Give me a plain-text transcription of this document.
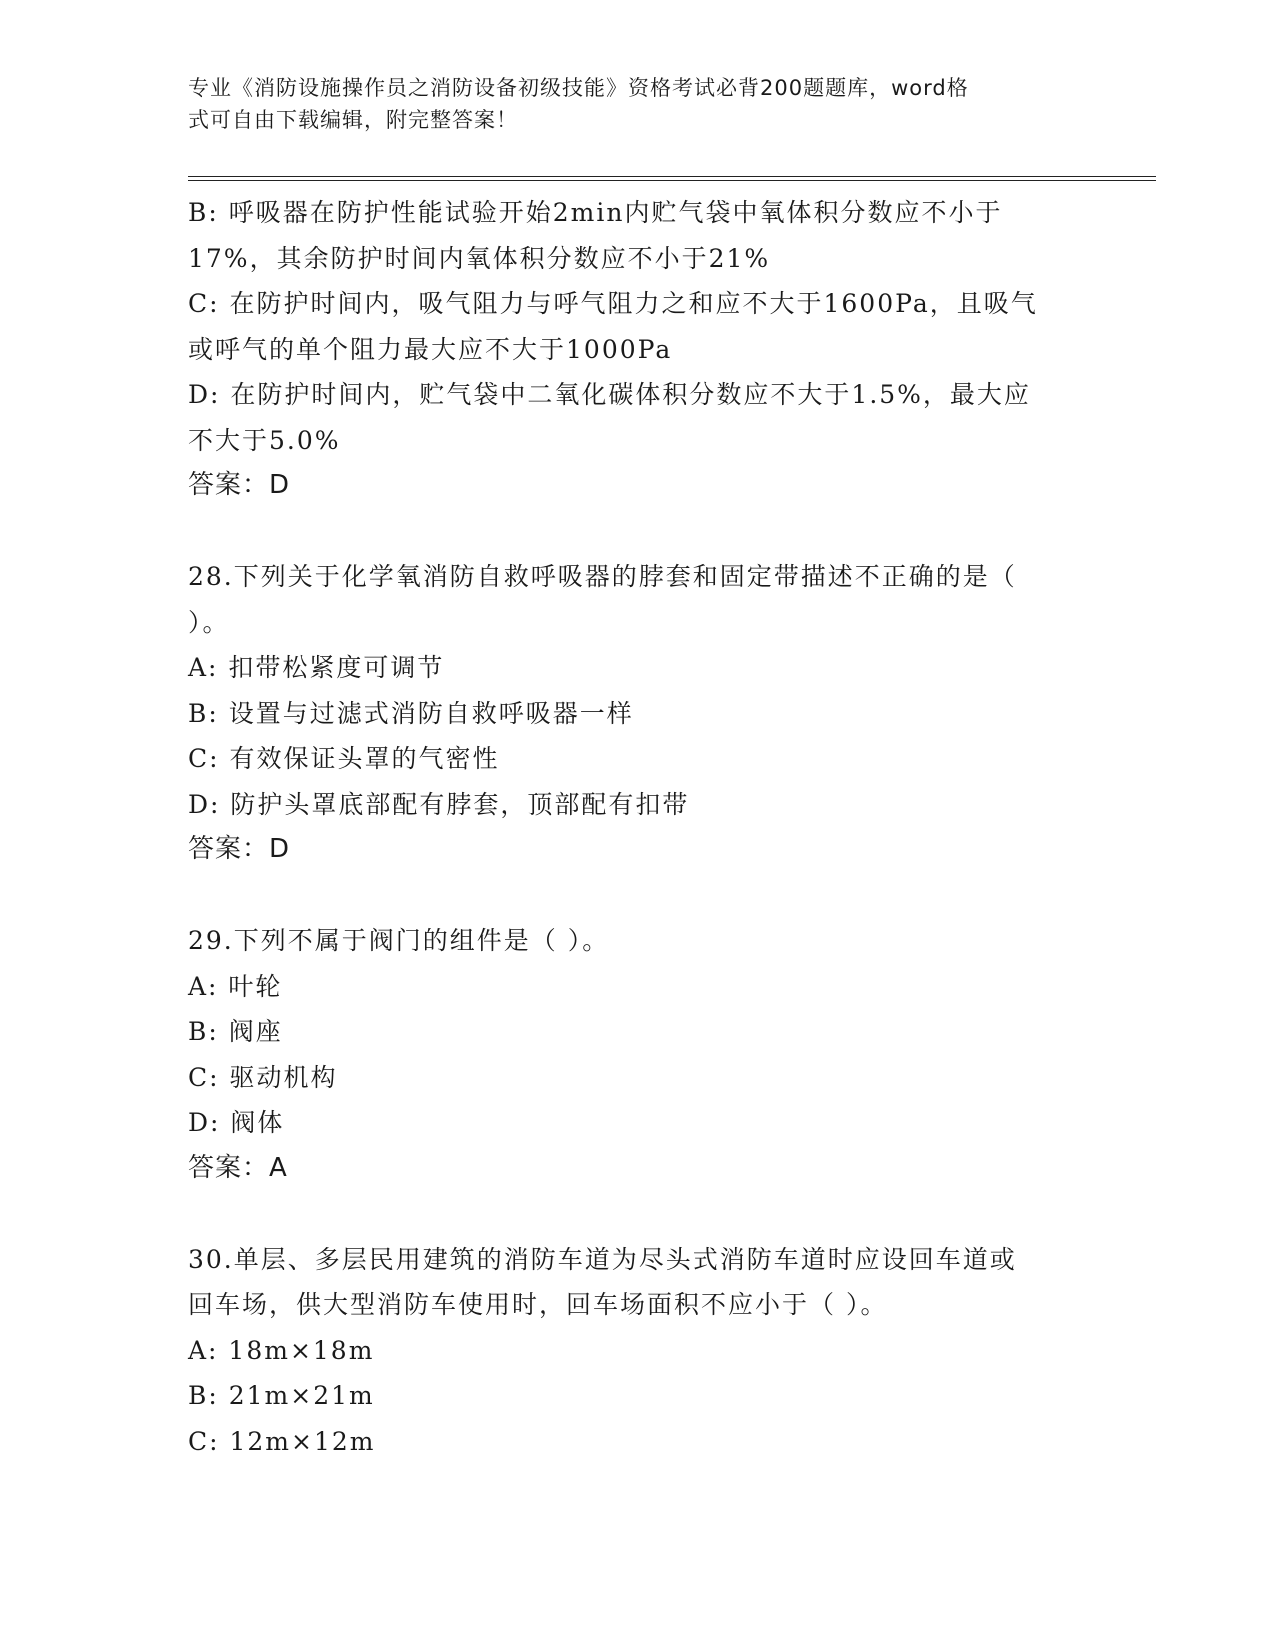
专业《消防设施操作员之消防设备初级技能》资格考试必背200题题库，word格
式可自由下载编辑，附完整答案！
B: 呼吸器在防护性能试验开始2min内贮气袋中氧体积分数应不小于
17%，其余防护时间内氧体积分数应不小于21%
C: 在防护时间内，吸气阻力与呼气阻力之和应不大于1600Pa，且吸气
或呼气的单个阻力最大应不大于1000Pa
D: 在防护时间内，贮气袋中二氧化碳体积分数应不大于1.5%，最大应
不大于5.0%
答案：D
28.下列关于化学氧消防自救呼吸器的脖套和固定带描述不正确的是（
）。
A: 扣带松紧度可调节
B: 设置与过滤式消防自救呼吸器一样
C: 有效保证头罩的气密性
D: 防护头罩底部配有脖套，顶部配有扣带
答案：D
29.下列不属于阀门的组件是（ ）。
A: 叶轮
B: 阀座
C: 驱动机构
D: 阀体
答案：A
30.单层、多层民用建筑的消防车道为尽头式消防车道时应设回车道或
回车场，供大型消防车使用时，回车场面积不应小于（ ）。
A: 18m×18m
B: 21m×21m
C: 12m×12m
